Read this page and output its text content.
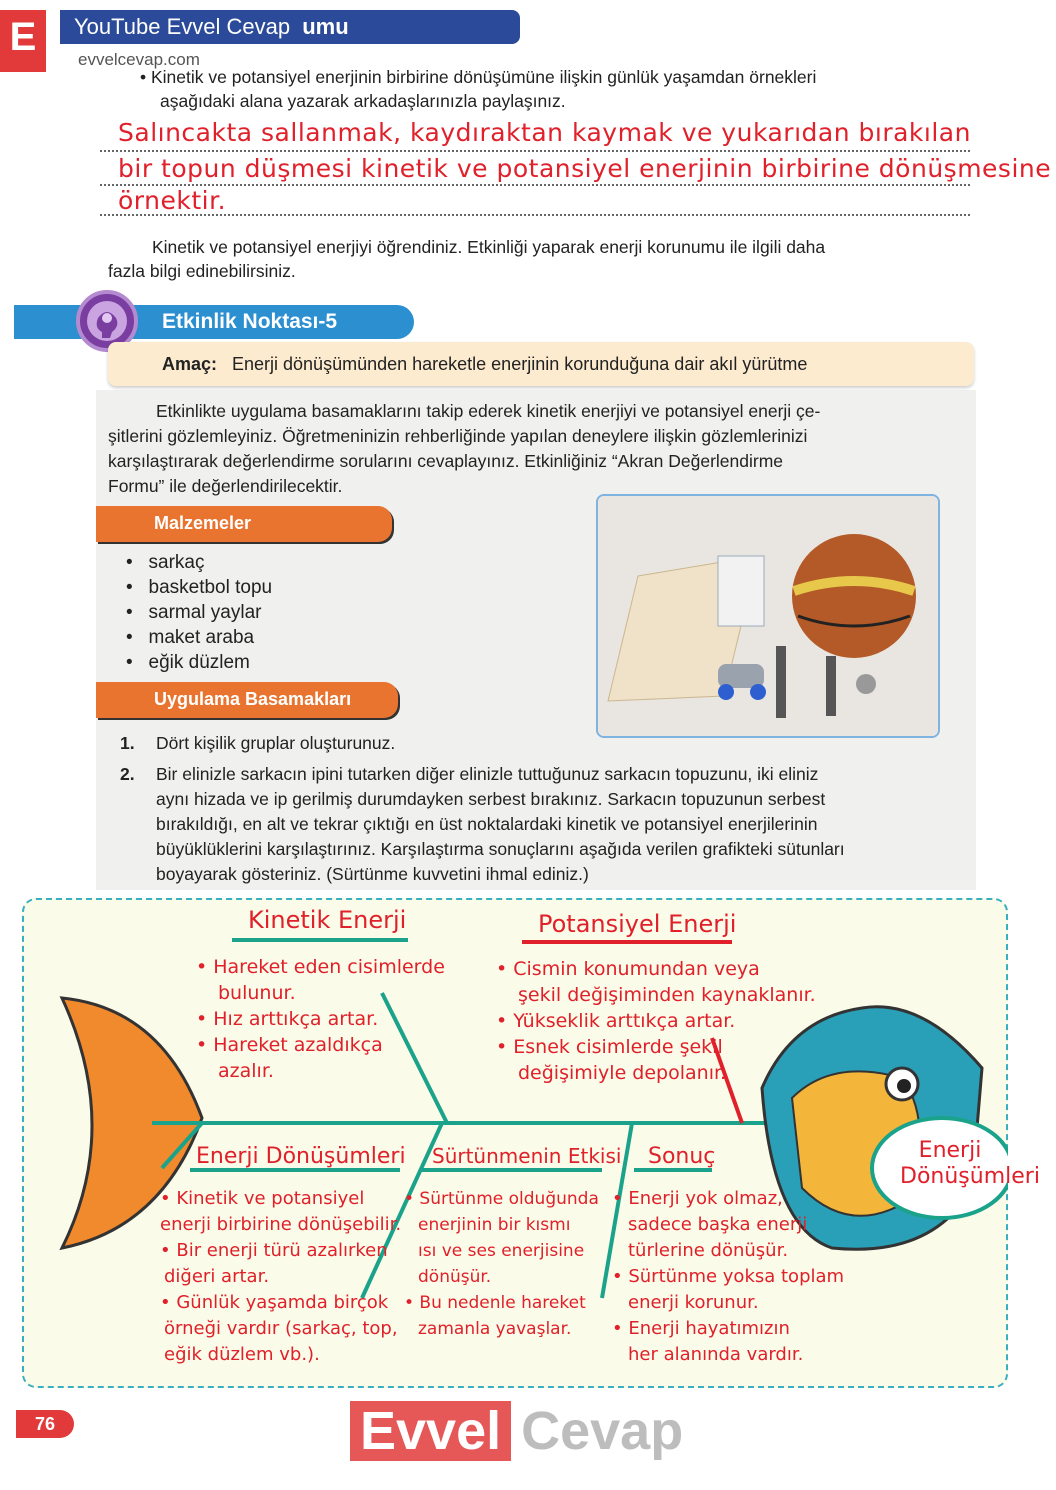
E	YouTube Evvel Cevap umu
evvelcevap.com
• Kinetik ve potansiyel enerjinin birbirine dönüşümüne ilişkin günlük yaşamdan örnekleri
aşağıdaki alana yazarak arkadaşlarınızla paylaşınız.
Salıncakta sallanmak, kaydıraktan kaymak ve yukarıdan bırakılan
bir topun düşmesi kinetik ve potansiyel enerjinin birbirine dönüşmesine
örnektir.
Kinetik ve potansiyel enerjiyi öğrendiniz. Etkinliği yaparak enerji korunumu ile ilgili daha
fazla bilgi edinebilirsiniz.
Etkinlik Noktası-5
Amaç: Enerji dönüşümünden hareketle enerjinin korunduğuna dair akıl yürütme
Etkinlikte uygulama basamaklarını takip ederek kinetik enerjiyi ve potansiyel enerji çe-
şitlerini gözlemleyiniz. Öğretmeninizin rehberliğinde yapılan deneylere ilişkin gözlemlerinizi
karşılaştırarak değerlendirme sorularını cevaplayınız. Etkinliğiniz “Akran Değerlendirme
Formu” ile değerlendirilecektir.
Malzemeler
•   sarkaç
•   basketbol topu
•   sarmal yaylar
•   maket araba
•   eğik düzlem
Uygulama Basamakları
1. Dört kişilik gruplar oluşturunuz.
2. Bir elinizle sarkacın ipini tutarken diğer elinizle tuttuğunuz sarkacın topuzunu, iki eliniz
aynı hizada ve ip gerilmiş durumdayken serbest bırakınız. Sarkacın topuzunun serbest
bırakıldığı, en alt ve tekrar çıktığı en üst noktalardaki kinetik ve potansiyel enerjilerinin
büyüklüklerini karşılaştırınız. Karşılaştırma sonuçlarını aşağıda verilen grafikteki sütunları
boyayarak gösteriniz. (Sürtünme kuvvetini ihmal ediniz.)
Enerji
Dönüşümleri
Kinetik Enerji
• Hareket eden cisimlerde
bulunur.
• Hız arttıkça artar.
• Hareket azaldıkça
azalır.
Potansiyel Enerji
• Cismin konumundan veya
şekil değişiminden kaynaklanır.
• Yükseklik arttıkça artar.
• Esnek cisimlerde şekil
değişimiyle depolanır.
Enerji Dönüşümleri
• Kinetik ve potansiyel
enerji birbirine dönüşebilir.
• Bir enerji türü azalırken
diğeri artar.
• Günlük yaşamda birçok
örneği vardır (sarkaç, top,
eğik düzlem vb.).
Sürtünmenin Etkisi
• Sürtünme olduğunda
enerjinin bir kısmı
ısı ve ses enerjisine
dönüşür.
• Bu nedenle hareket
zamanla yavaşlar.
Sonuç
• Enerji yok olmaz,
sadece başka enerji
türlerine dönüşür.
• Sürtünme yoksa toplam
enerji korunur.
• Enerji hayatımızın
her alanında vardır.
76	Evvel Cevap
